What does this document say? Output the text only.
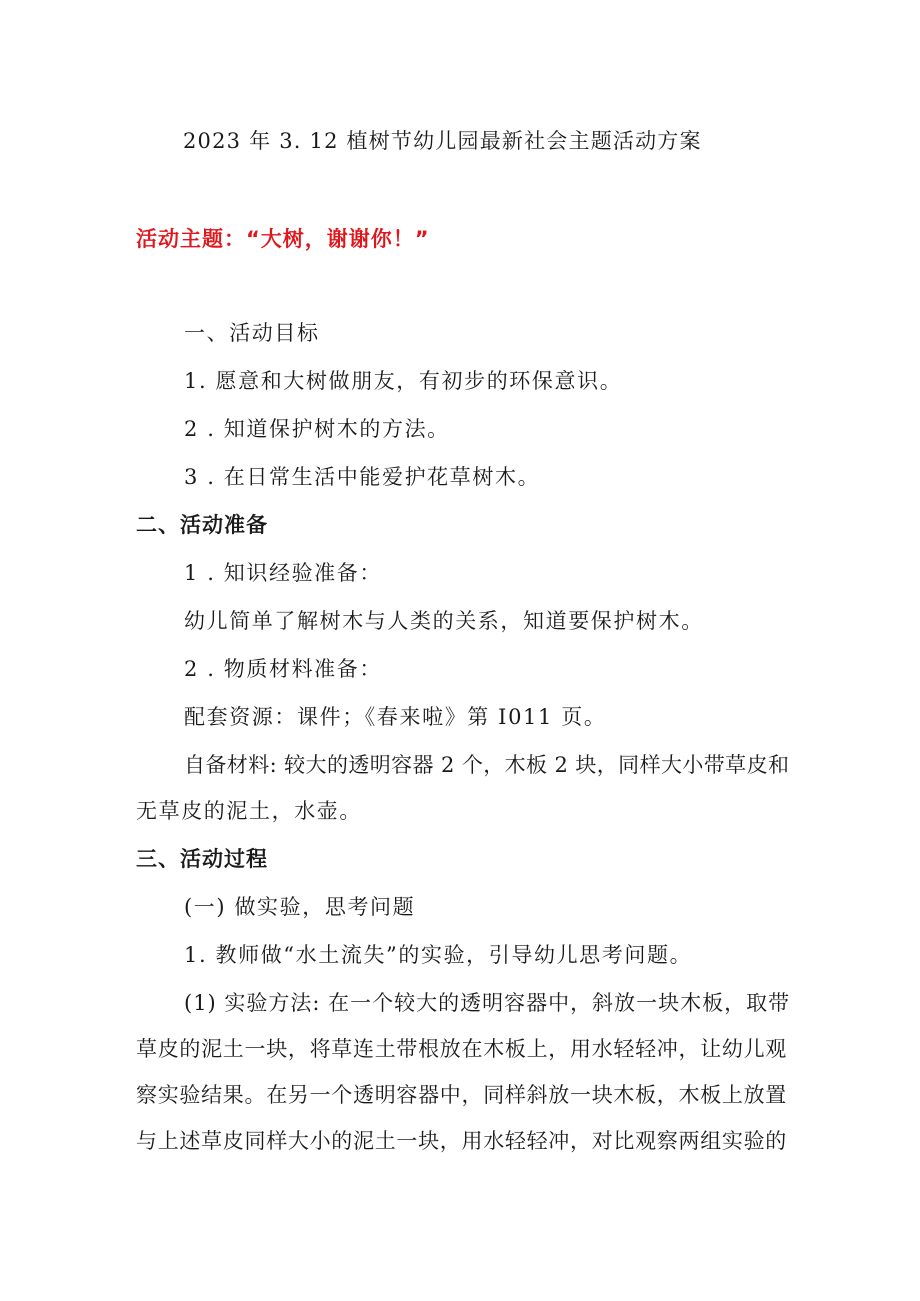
2023 年 3. 12 植树节幼儿园最新社会主题活动方案
活动主题：“大树，谢谢你！”
一、活动目标
1. 愿意和大树做朋友，有初步的环保意识。
2 . 知道保护树木的方法。
3 . 在日常生活中能爱护花草树木。
二、活动准备
1 . 知识经验准备：
幼儿简单了解树木与人类的关系，知道要保护树木。
2 . 物质材料准备：
配套资源：课件；《春来啦》第 I011 页。
自备材料: 较大的透明容器 2 个，木板 2 块，同样大小带草皮和
无草皮的泥土，水壶。
三、活动过程
(一) 做实验，思考问题
1. 教师做“水土流失”的实验，引导幼儿思考问题。
(1) 实验方法: 在一个较大的透明容器中，斜放一块木板，取带
草皮的泥土一块，将草连土带根放在木板上，用水轻轻冲，让幼儿观
察实验结果。在另一个透明容器中，同样斜放一块木板，木板上放置
与上述草皮同样大小的泥土一块，用水轻轻冲，对比观察两组实验的
